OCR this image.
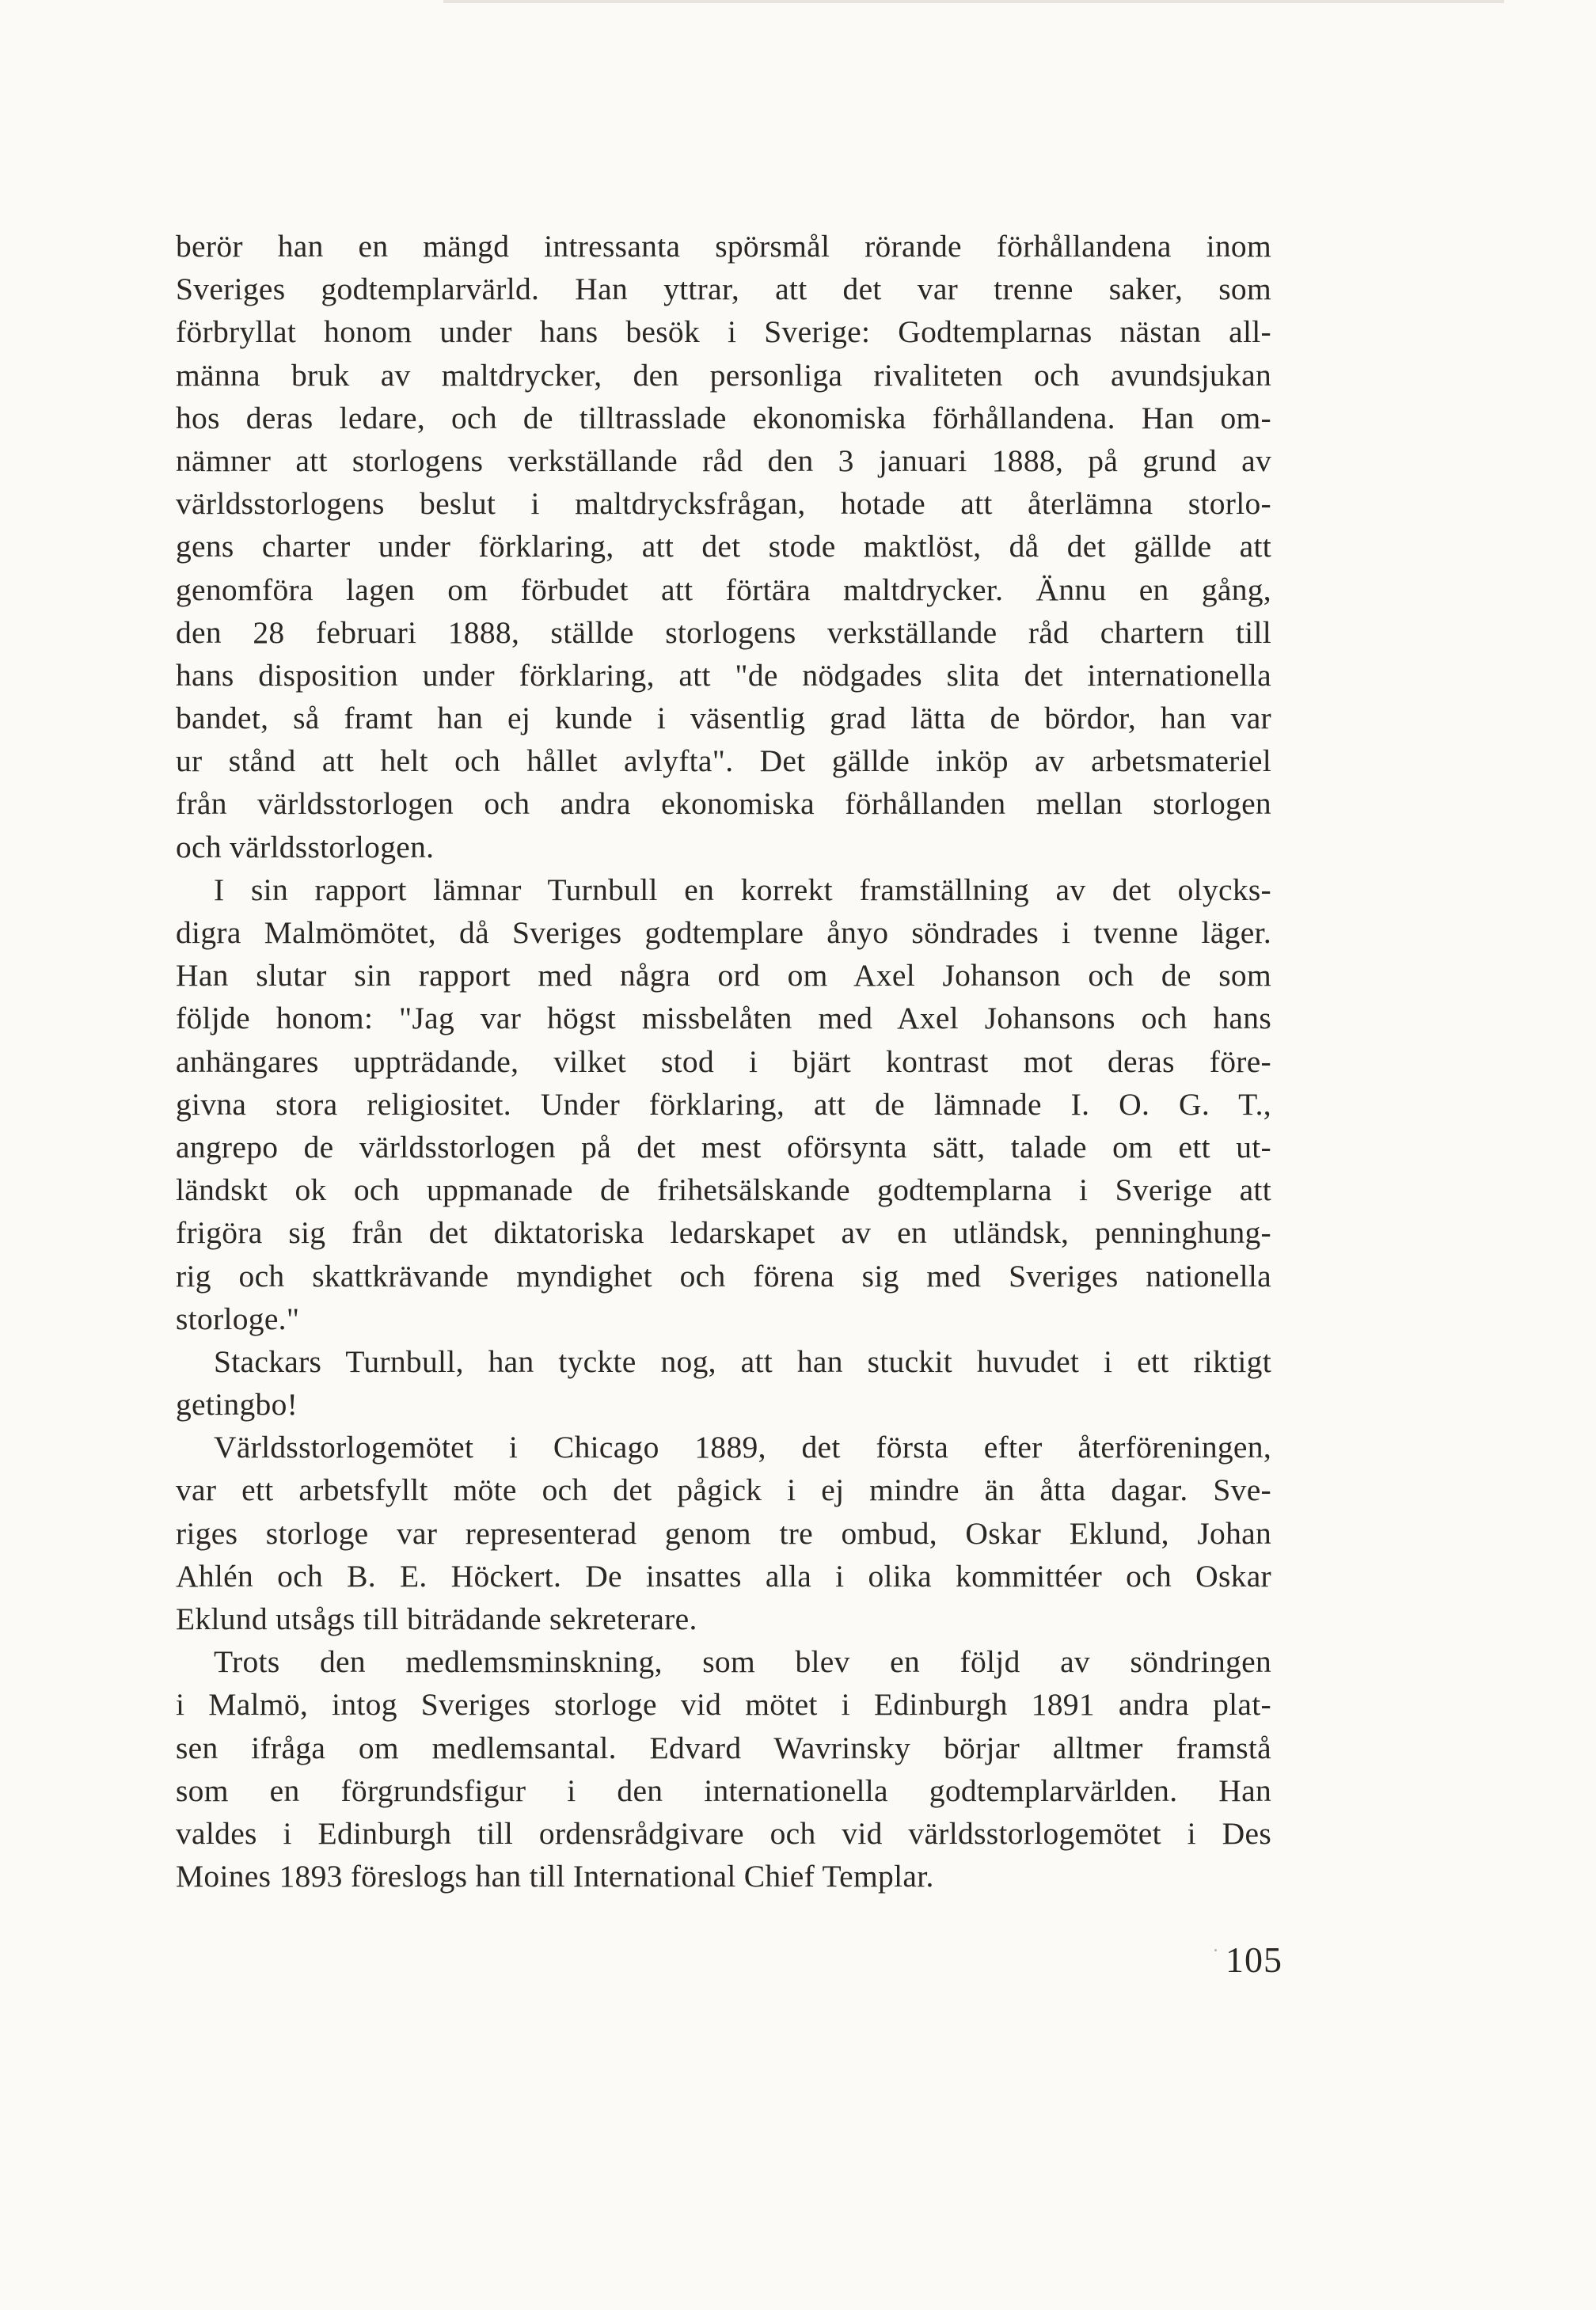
berör han en mängd intressanta spörsmål rörande förhållandena inom
Sveriges godtemplarvärld. Han yttrar, att det var trenne saker, som
förbryllat honom under hans besök i Sverige: Godtemplarnas nästan all-
männa bruk av maltdrycker, den personliga rivaliteten och avundsjukan
hos deras ledare, och de tilltrasslade ekonomiska förhållandena. Han om-
nämner att storlogens verkställande råd den 3 januari 1888, på grund av
världsstorlogens beslut i maltdrycksfrågan, hotade att återlämna storlo-
gens charter under förklaring, att det stode maktlöst, då det gällde att
genomföra lagen om förbudet att förtära maltdrycker. Ännu en gång,
den 28 februari 1888, ställde storlogens verkställande råd chartern till
hans disposition under förklaring, att "de nödgades slita det internationella
bandet, så framt han ej kunde i väsentlig grad lätta de bördor, han var
ur stånd att helt och hållet avlyfta". Det gällde inköp av arbetsmateriel
från världsstorlogen och andra ekonomiska förhållanden mellan storlogen
och världsstorlogen.
I sin rapport lämnar Turnbull en korrekt framställning av det olycks-
digra Malmömötet, då Sveriges godtemplare ånyo söndrades i tvenne läger.
Han slutar sin rapport med några ord om Axel Johanson och de som
följde honom: "Jag var högst missbelåten med Axel Johansons och hans
anhängares uppträdande, vilket stod i bjärt kontrast mot deras före-
givna stora religiositet. Under förklaring, att de lämnade I. O. G. T.,
angrepo de världsstorlogen på det mest oförsynta sätt, talade om ett ut-
ländskt ok och uppmanade de frihetsälskande godtemplarna i Sverige att
frigöra sig från det diktatoriska ledarskapet av en utländsk, penninghung-
rig och skattkrävande myndighet och förena sig med Sveriges nationella
storloge."
Stackars Turnbull, han tyckte nog, att han stuckit huvudet i ett riktigt
getingbo!
Världsstorlogemötet i Chicago 1889, det första efter återföreningen,
var ett arbetsfyllt möte och det pågick i ej mindre än åtta dagar. Sve-
riges storloge var representerad genom tre ombud, Oskar Eklund, Johan
Ahlén och B. E. Höckert. De insattes alla i olika kommittéer och Oskar
Eklund utsågs till biträdande sekreterare.
Trots den medlemsminskning, som blev en följd av söndringen
i Malmö, intog Sveriges storloge vid mötet i Edinburgh 1891 andra plat-
sen ifråga om medlemsantal. Edvard Wavrinsky börjar alltmer framstå
som en förgrundsfigur i den internationella godtemplarvärlden. Han
valdes i Edinburgh till ordensrådgivare och vid världsstorlogemötet i Des
Moines 1893 föreslogs han till International Chief Templar.
105
